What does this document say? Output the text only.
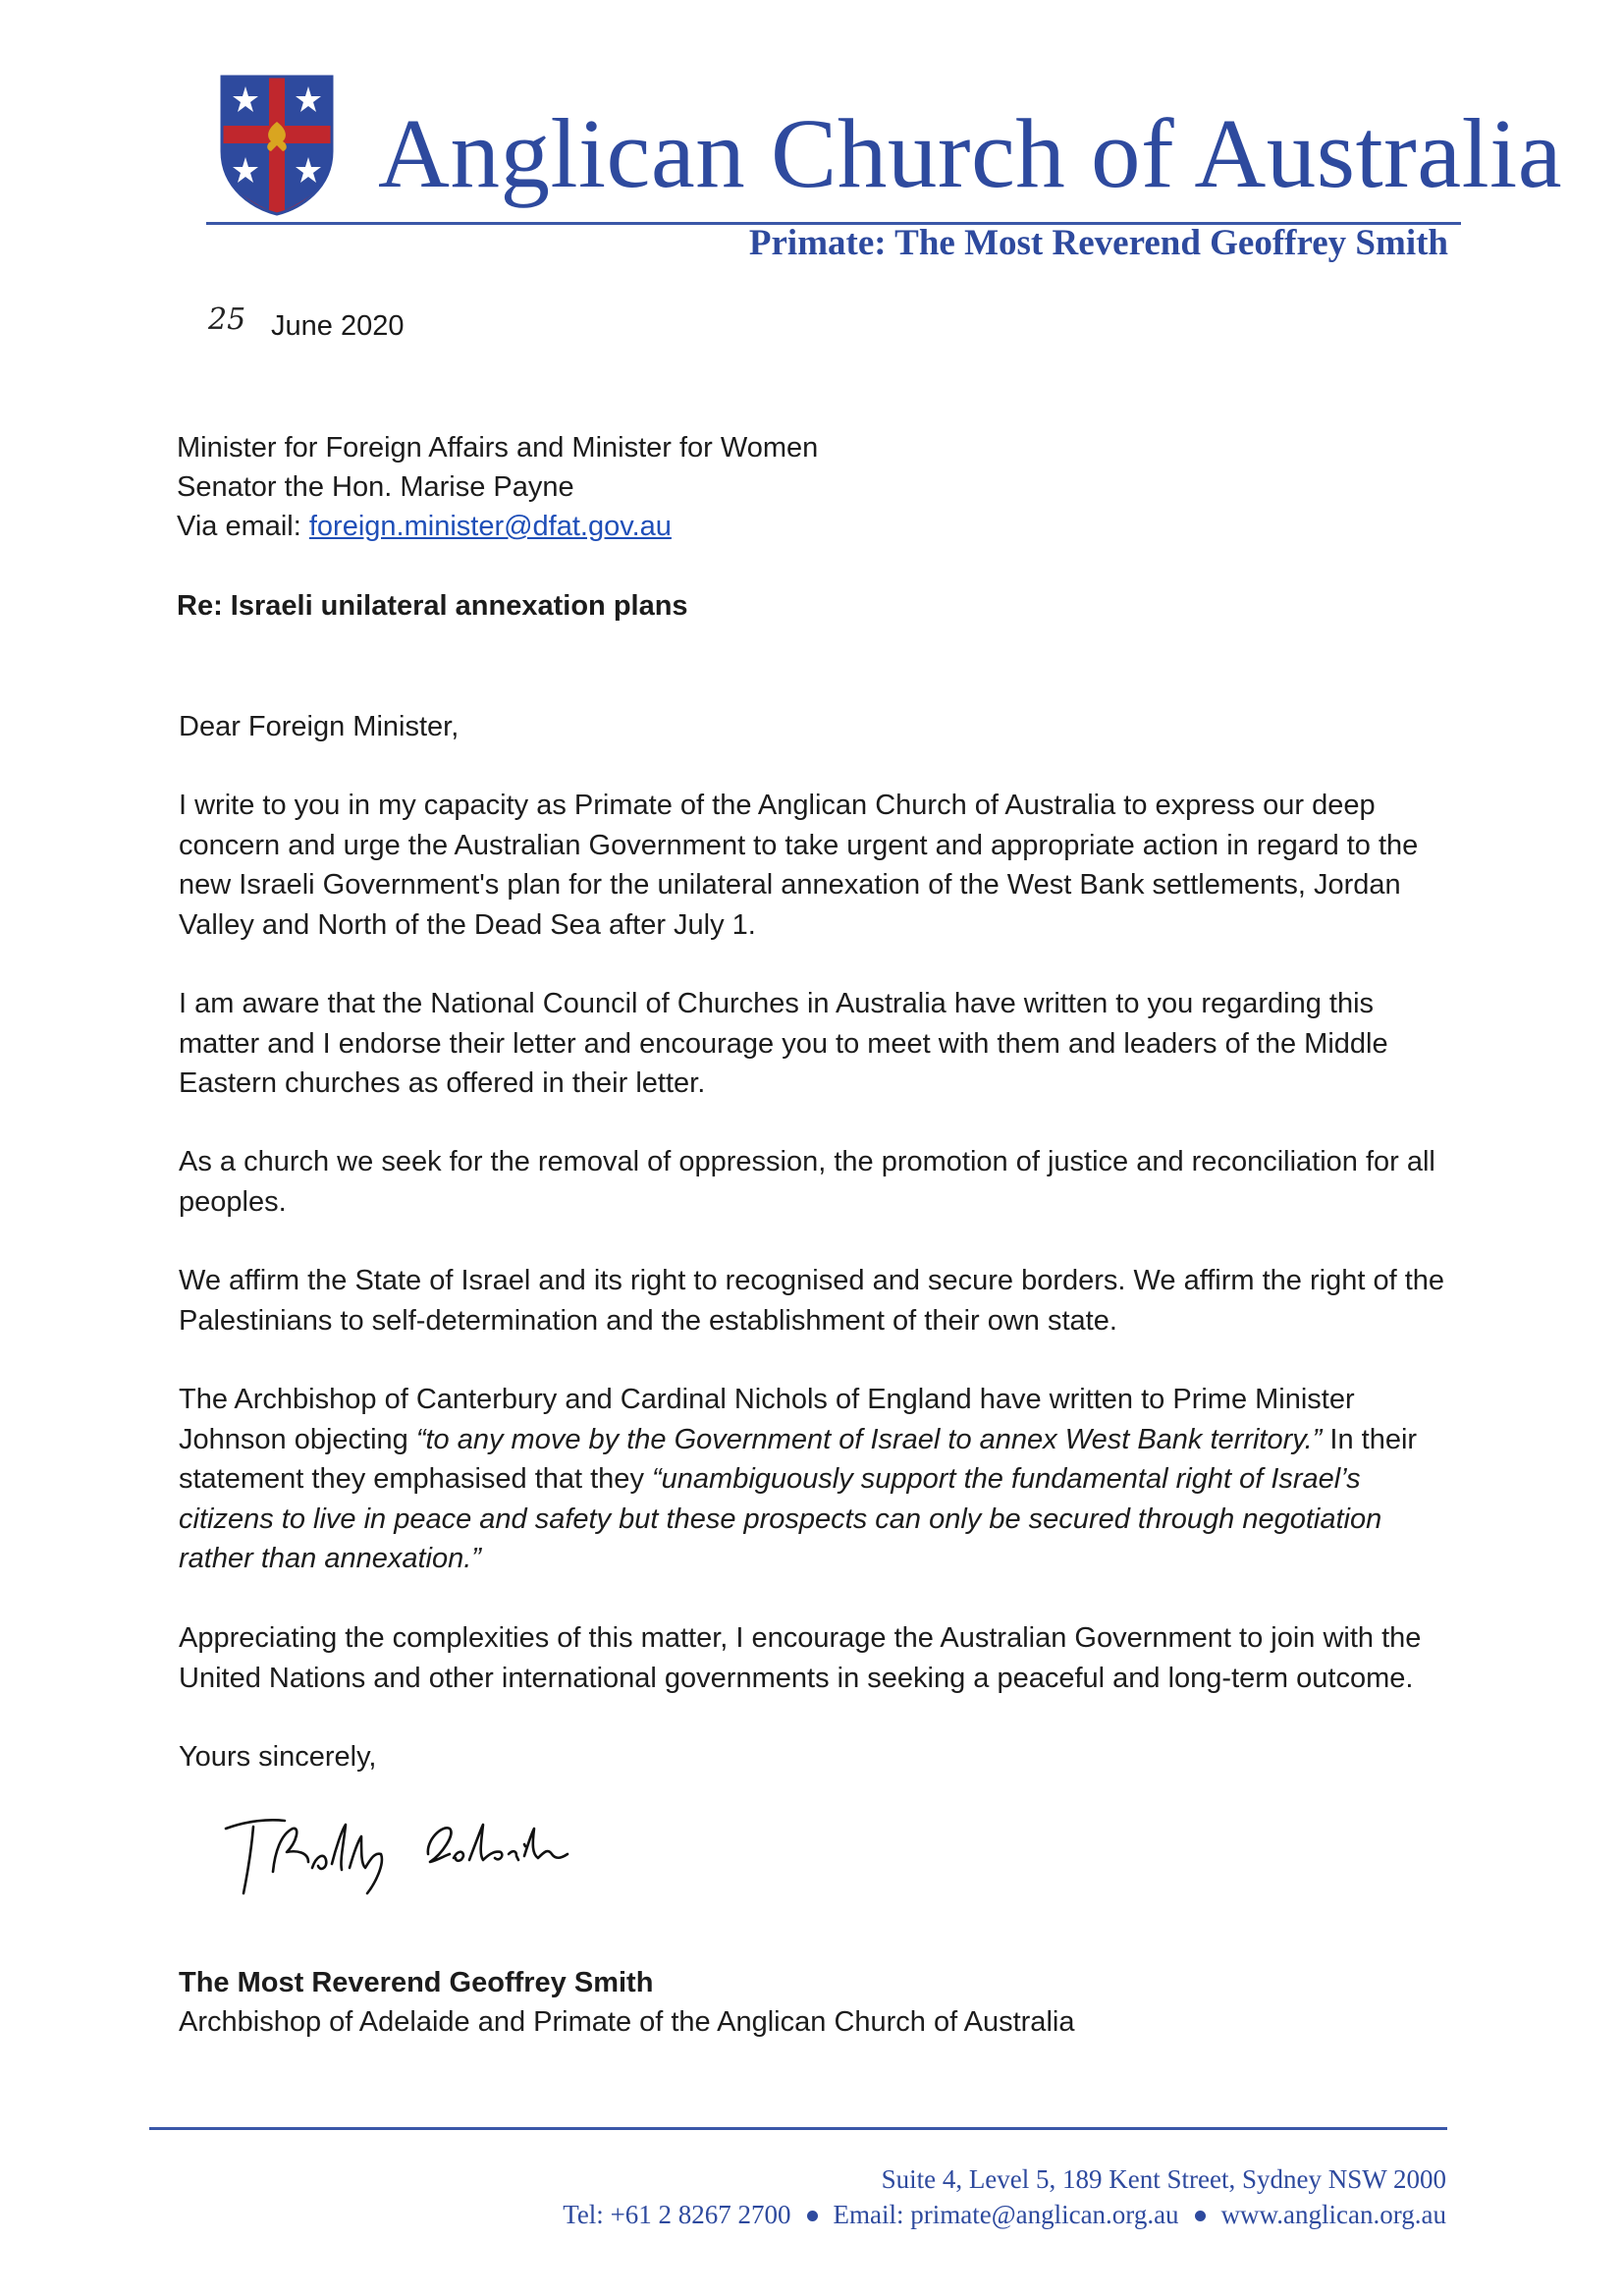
Anglican Church of Australia
Primate: The Most Reverend Geoffrey Smith
25 June 2020
Minister for Foreign Affairs and Minister for Women
Senator the Hon. Marise Payne
Via email: foreign.minister@dfat.gov.au
Re: Israeli unilateral annexation plans
Dear Foreign Minister,

I write to you in my capacity as Primate of the Anglican Church of Australia to express our deep concern and urge the Australian Government to take urgent and appropriate action in regard to the new Israeli Government's plan for the unilateral annexation of the West Bank settlements, Jordan Valley and North of the Dead Sea after July 1.

I am aware that the National Council of Churches in Australia have written to you regarding this matter and I endorse their letter and encourage you to meet with them and leaders of the Middle Eastern churches as offered in their letter.

As a church we seek for the removal of oppression, the promotion of justice and reconciliation for all peoples.

We affirm the State of Israel and its right to recognised and secure borders. We affirm the right of the Palestinians to self-determination and the establishment of their own state.

The Archbishop of Canterbury and Cardinal Nichols of England have written to Prime Minister Johnson objecting “to any move by the Government of Israel to annex West Bank territory.” In their statement they emphasised that they “unambiguously support the fundamental right of Israel’s citizens to live in peace and safety but these prospects can only be secured through negotiation rather than annexation.”

Appreciating the complexities of this matter, I encourage the Australian Government to join with the United Nations and other international governments in seeking a peaceful and long-term outcome.

Yours sincerely,
The Most Reverend Geoffrey Smith
Archbishop of Adelaide and Primate of the Anglican Church of Australia
Suite 4, Level 5, 189 Kent Street, Sydney NSW 2000
Tel: +61 2 8267 2700 Email: primate@anglican.org.au www.anglican.org.au
